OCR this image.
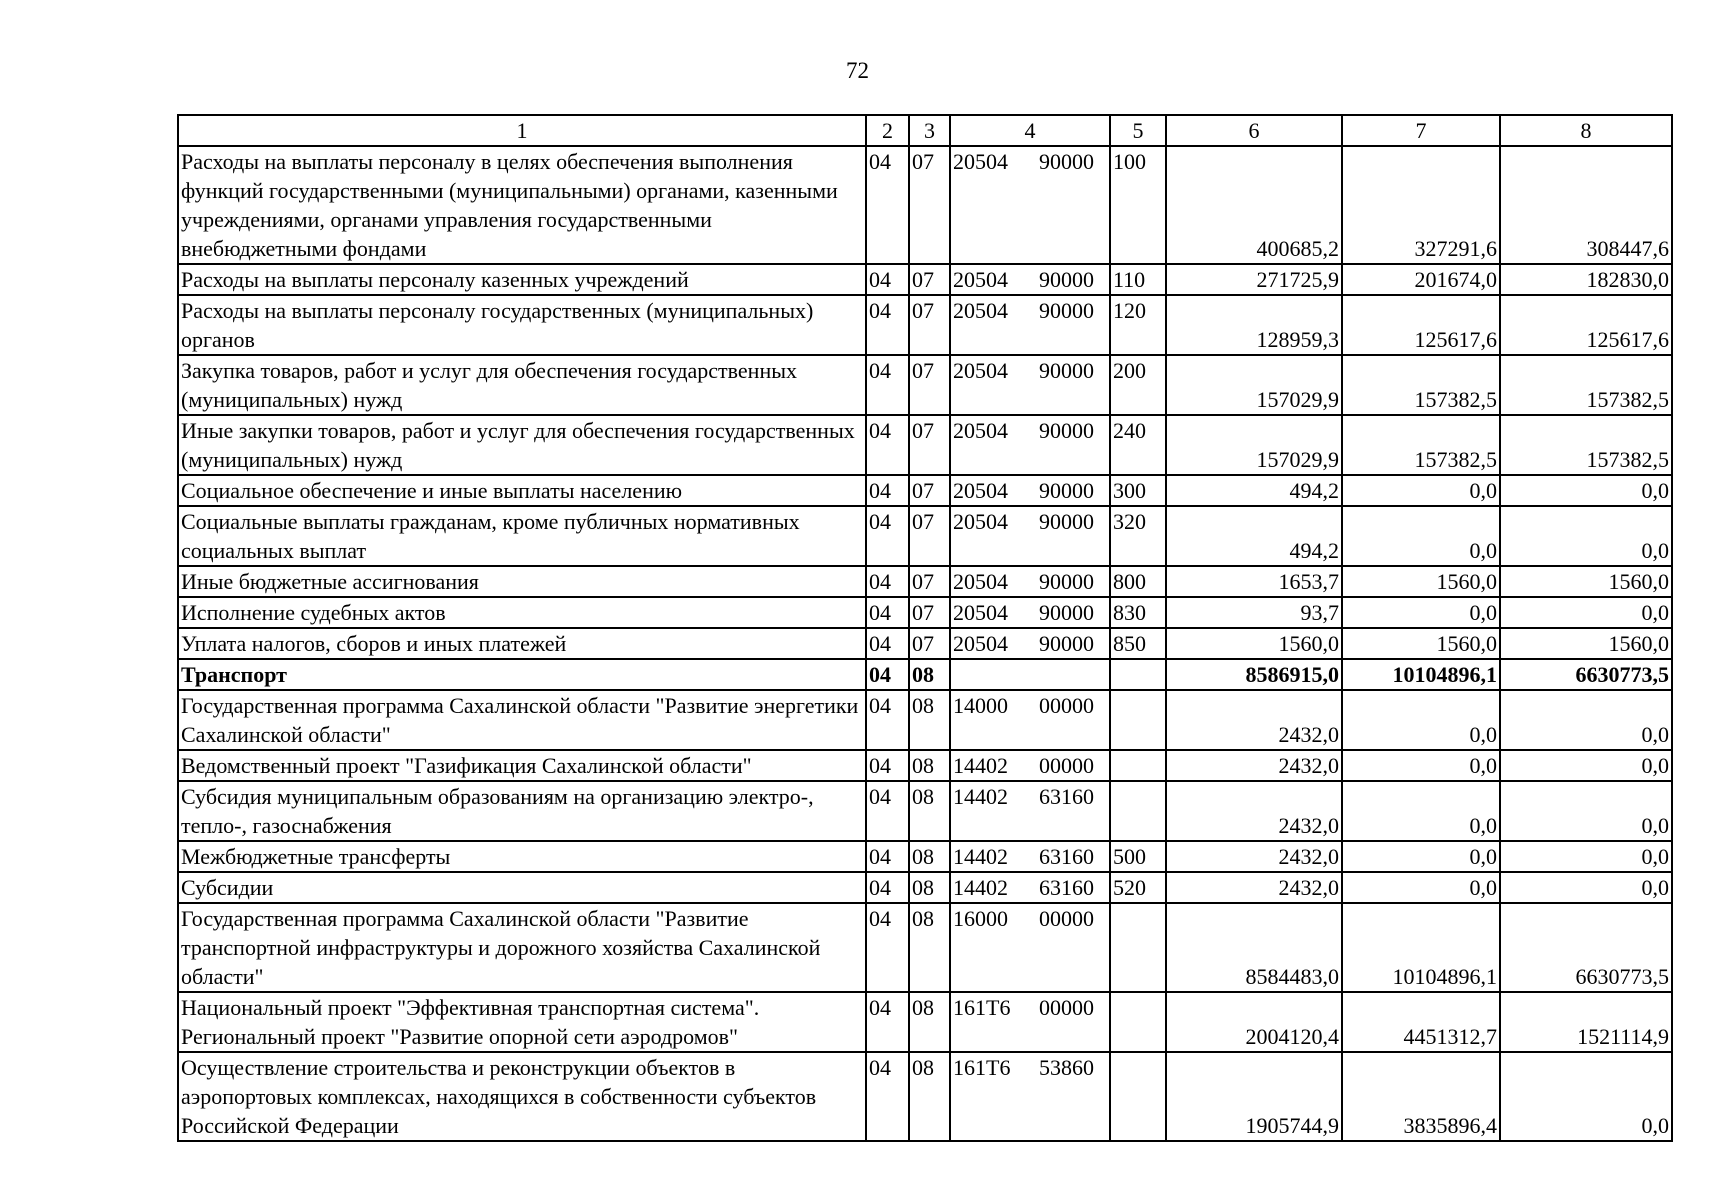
72
1	2	3	4	5	6	7	8
Расходы на выплаты персоналу в целях обеспечения выполнения функций государственными (муниципальными) органами, казенными учреждениями, органами управления государственными внебюджетными фондами	04	07	20504 90000	100	400685,2	327291,6	308447,6
Расходы на выплаты персоналу казенных учреждений	04	07	20504 90000	110	271725,9	201674,0	182830,0
Расходы на выплаты персоналу государственных (муниципальных) органов	04	07	20504 90000	120	128959,3	125617,6	125617,6
Закупка товаров, работ и услуг для обеспечения государственных (муниципальных) нужд	04	07	20504 90000	200	157029,9	157382,5	157382,5
Иные закупки товаров, работ и услуг для обеспечения государственных (муниципальных) нужд	04	07	20504 90000	240	157029,9	157382,5	157382,5
Социальное обеспечение и иные выплаты населению	04	07	20504 90000	300	494,2	0,0	0,0
Социальные выплаты гражданам, кроме публичных нормативных социальных выплат	04	07	20504 90000	320	494,2	0,0	0,0
Иные бюджетные ассигнования	04	07	20504 90000	800	1653,7	1560,0	1560,0
Исполнение судебных актов	04	07	20504 90000	830	93,7	0,0	0,0
Уплата налогов, сборов и иных платежей	04	07	20504 90000	850	1560,0	1560,0	1560,0
Транспорт	04	08			8586915,0	10104896,1	6630773,5
Государственная программа Сахалинской области "Развитие энергетики Сахалинской области"	04	08	14000 00000		2432,0	0,0	0,0
Ведомственный проект "Газификация Сахалинской области"	04	08	14402 00000		2432,0	0,0	0,0
Субсидия муниципальным образованиям на организацию электро-, тепло-, газоснабжения	04	08	14402 63160		2432,0	0,0	0,0
Межбюджетные трансферты	04	08	14402 63160	500	2432,0	0,0	0,0
Субсидии	04	08	14402 63160	520	2432,0	0,0	0,0
Государственная программа Сахалинской области "Развитие транспортной инфраструктуры и дорожного хозяйства Сахалинской области"	04	08	16000 00000		8584483,0	10104896,1	6630773,5
Национальный проект "Эффективная транспортная система". Региональный проект "Развитие опорной сети аэродромов"	04	08	161Т6 00000		2004120,4	4451312,7	1521114,9
Осуществление строительства и реконструкции объектов в аэропортовых комплексах, находящихся в собственности субъектов Российской Федерации	04	08	161Т6 53860		1905744,9	3835896,4	0,0
